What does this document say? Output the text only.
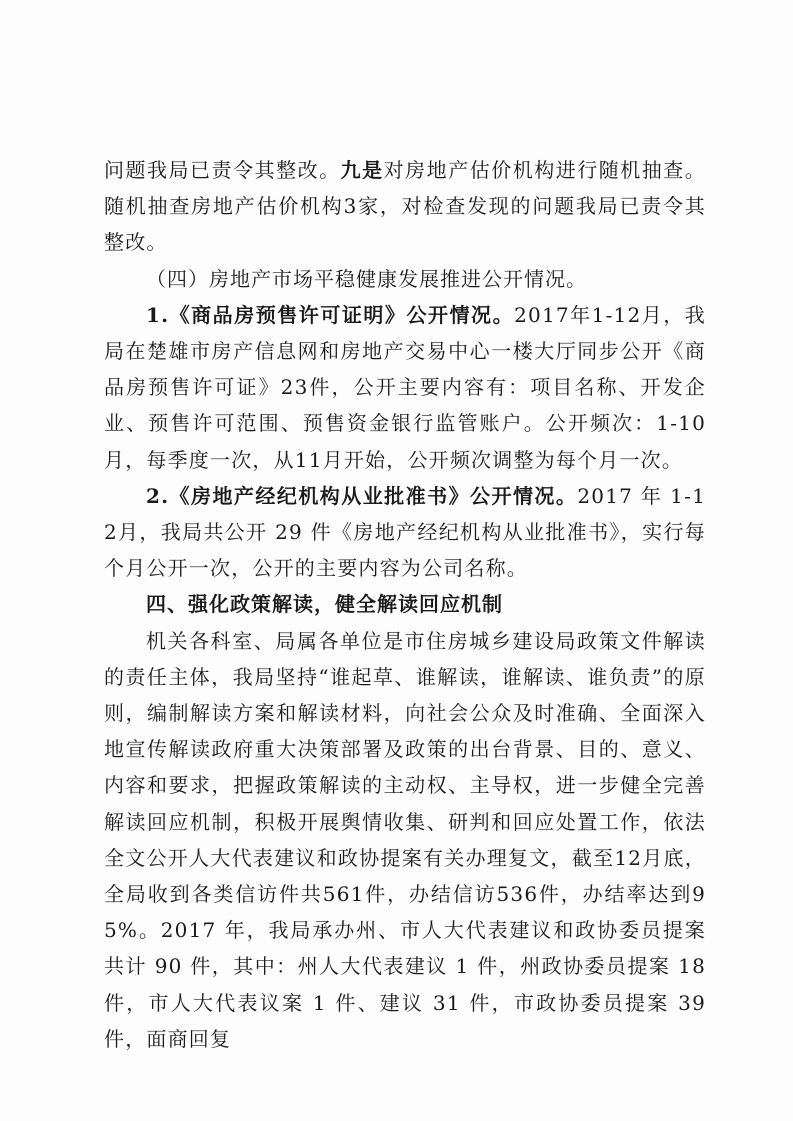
问题我局已责令其整改。九是对房地产估价机构进行随机抽查。随机抽查房地产估价机构3家，对检查发现的问题我局已责令其整改。

（四）房地产市场平稳健康发展推进公开情况。

1.《商品房预售许可证明》公开情况。2017年1-12月，我局在楚雄市房产信息网和房地产交易中心一楼大厅同步公开《商品房预售许可证》23件，公开主要内容有：项目名称、开发企业、预售许可范围、预售资金银行监管账户。公开频次：1-10月，每季度一次，从11月开始，公开频次调整为每个月一次。

2.《房地产经纪机构从业批准书》公开情况。2017 年 1-12月，我局共公开 29 件《房地产经纪机构从业批准书》，实行每个月公开一次，公开的主要内容为公司名称。

四、强化政策解读，健全解读回应机制

机关各科室、局属各单位是市住房城乡建设局政策文件解读的责任主体，我局坚持“谁起草、谁解读，谁解读、谁负责”的原则，编制解读方案和解读材料，向社会公众及时准确、全面深入地宣传解读政府重大决策部署及政策的出台背景、目的、意义、内容和要求，把握政策解读的主动权、主导权，进一步健全完善解读回应机制，积极开展舆情收集、研判和回应处置工作，依法全文公开人大代表建议和政协提案有关办理复文，截至12月底，全局收到各类信访件共561件，办结信访536件，办结率达到95%。2017 年，我局承办州、市人大代表建议和政协委员提案共计 90 件，其中：州人大代表建议 1 件，州政协委员提案 18 件，市人大代表议案 1 件、建议 31 件，市政协委员提案 39 件，面商回复
